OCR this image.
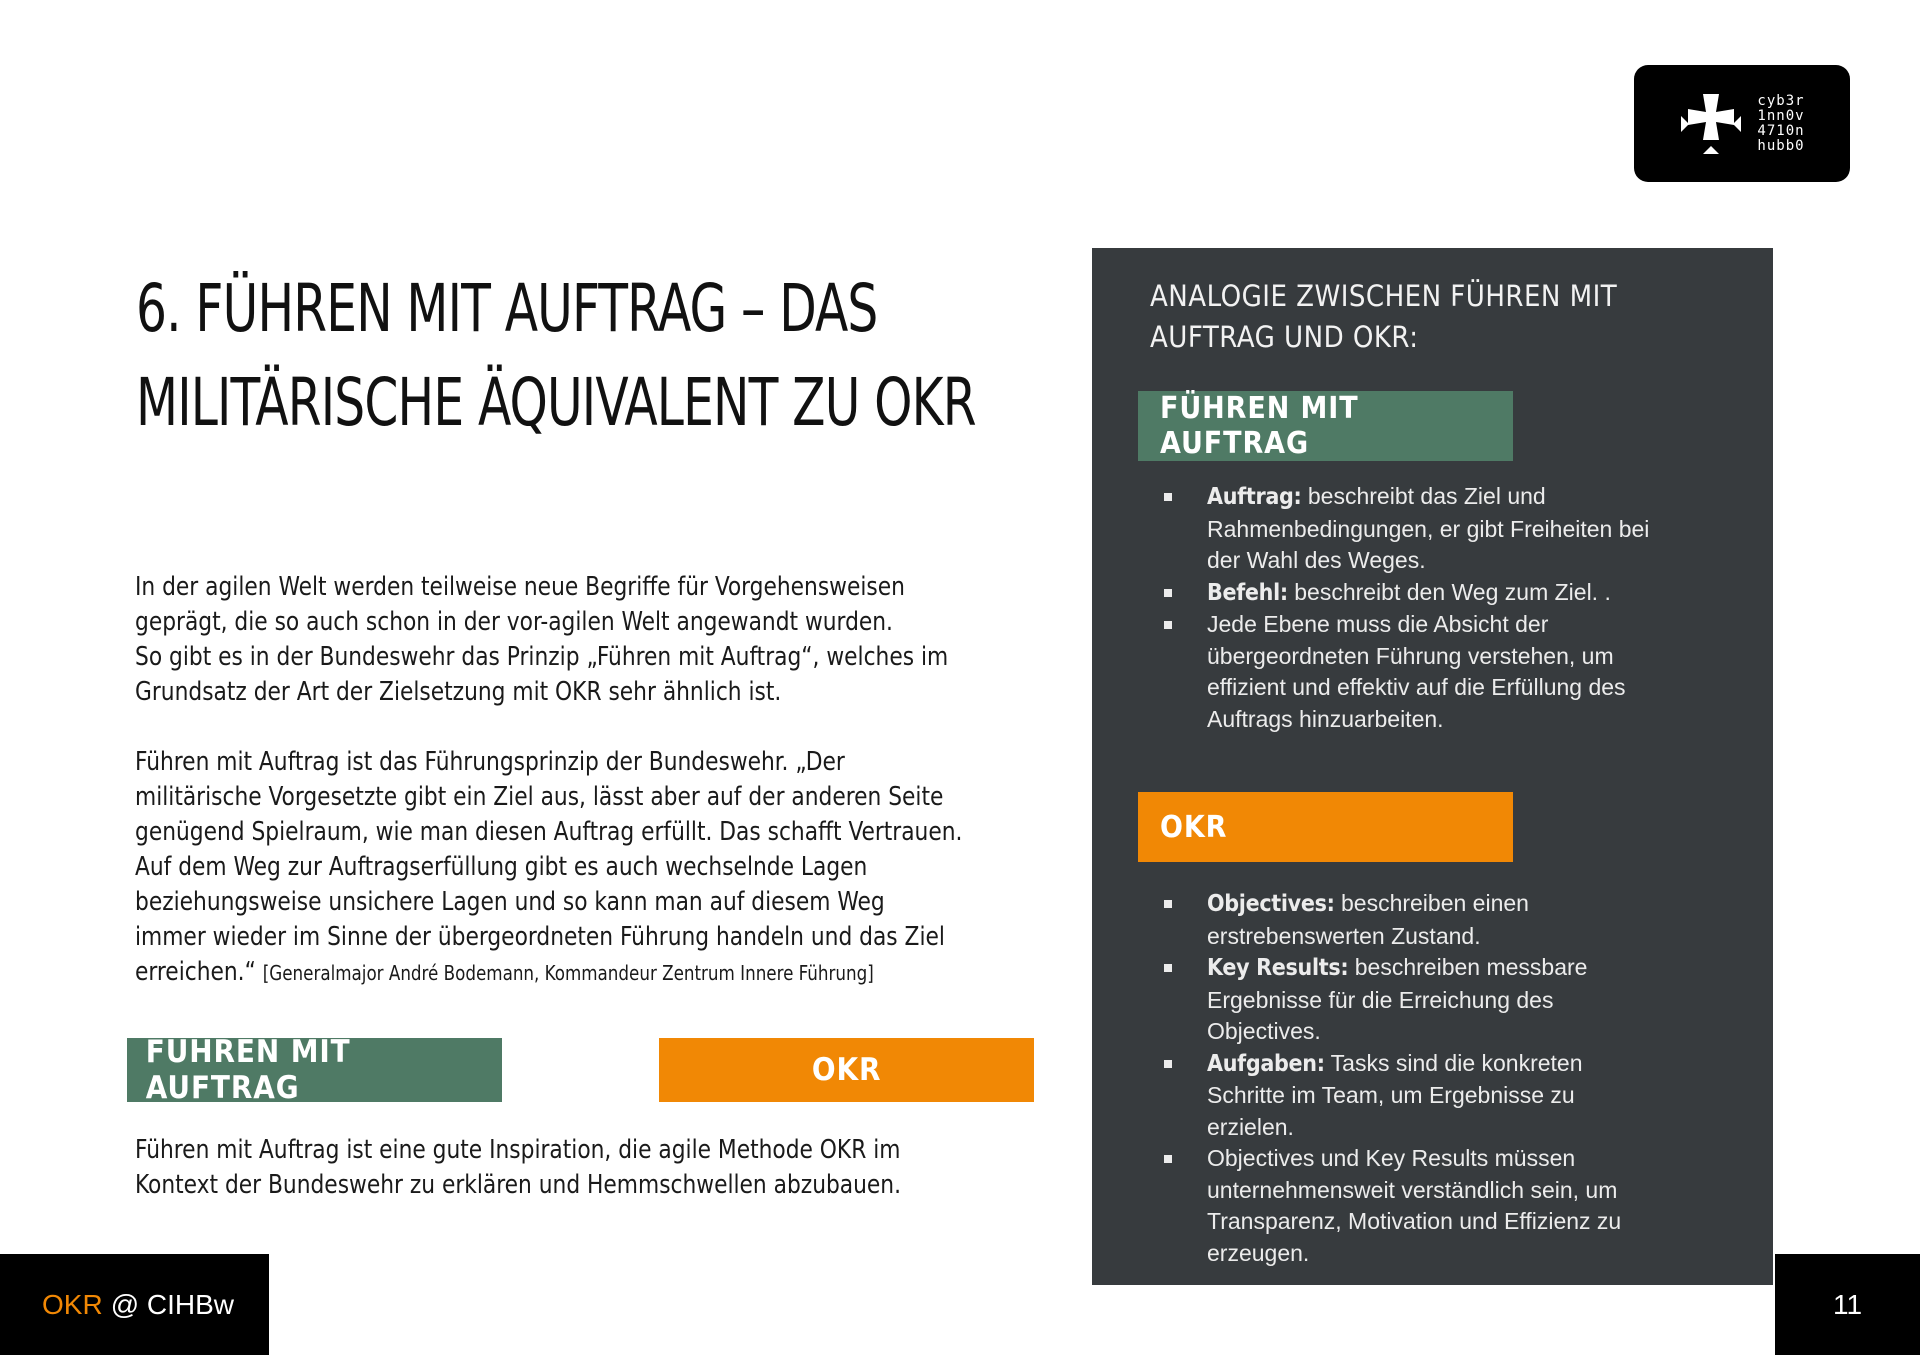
cyb3r
1nn0v
4710n
hubb0
6. FÜHREN MIT AUFTRAG – DAS
MILITÄRISCHE ÄQUIVALENT ZU OKR
In der agilen Welt werden teilweise neue Begriffe für Vorgehensweisen
geprägt, die so auch schon in der vor-agilen Welt angewandt wurden.
So gibt es in der Bundeswehr das Prinzip „Führen mit Auftrag“, welches im
Grundsatz der Art der Zielsetzung mit OKR sehr ähnlich ist.
Führen mit Auftrag ist das Führungsprinzip der Bundeswehr. „Der
militärische Vorgesetzte gibt ein Ziel aus, lässt aber auf der anderen Seite
genügend Spielraum, wie man diesen Auftrag erfüllt. Das schafft Vertrauen.
Auf dem Weg zur Auftragserfüllung gibt es auch wechselnde Lagen
beziehungsweise unsichere Lagen und so kann man auf diesem Weg
immer wieder im Sinne der übergeordneten Führung handeln und das Ziel
erreichen.“ [Generalmajor André Bodemann, Kommandeur Zentrum Innere Führung]
FÜHREN MIT AUFTRAG	OKR
Führen mit Auftrag ist eine gute Inspiration, die agile Methode OKR im
Kontext der Bundeswehr zu erklären und Hemmschwellen abzubauen.
ANALOGIE ZWISCHEN FÜHREN MIT
AUFTRAG UND OKR:
FÜHREN MIT AUFTRAG
Auftrag: beschreibt das Ziel und
Rahmenbedingungen, er gibt Freiheiten bei
der Wahl des Weges.
Befehl: beschreibt den Weg zum Ziel. .
Jede Ebene muss die Absicht der
übergeordneten Führung verstehen, um
effizient und effektiv auf die Erfüllung des
Auftrags hinzuarbeiten.
OKR
Objectives: beschreiben einen
erstrebenswerten Zustand.
Key Results: beschreiben messbare
Ergebnisse für die Erreichung des
Objectives.
Aufgaben: Tasks sind die konkreten
Schritte im Team, um Ergebnisse zu
erzielen.
Objectives und Key Results müssen
unternehmensweit verständlich sein, um
Transparenz, Motivation und Effizienz zu
erzeugen.
OKR @ CIHBw	11
